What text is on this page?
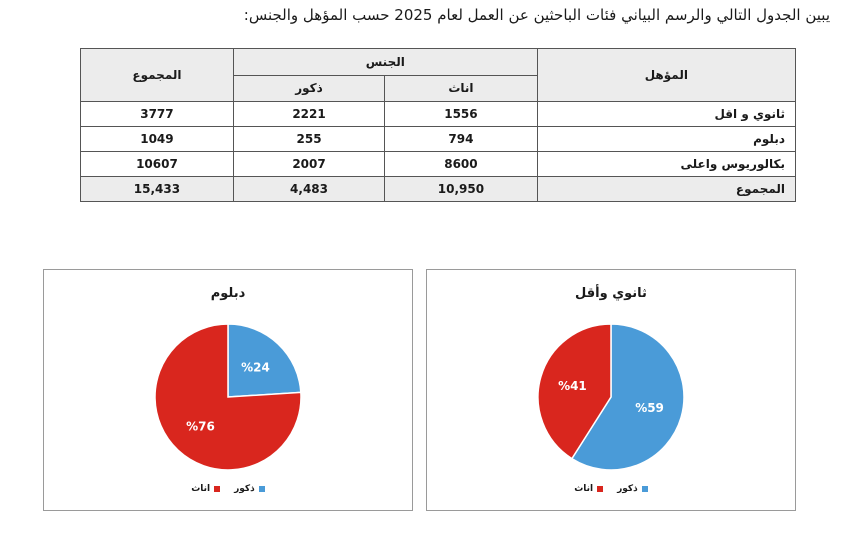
يبين الجدول التالي والرسم البياني فئات الباحثين عن العمل لعام 2025 حسب المؤهل والجنس:
المؤهل	الجنس		المجموع
	اناث	ذكور	
ثانوي و اقل	1556	2221	3777
دبلوم	794	255	1049
بكالوريوس واعلى	8600	2007	10607
المجموع	10,950	4,483	15,433
دبلوم
%24
%76
ذكور
اناث
ثانوي وأقل
%59
%41
ذكور
اناث
